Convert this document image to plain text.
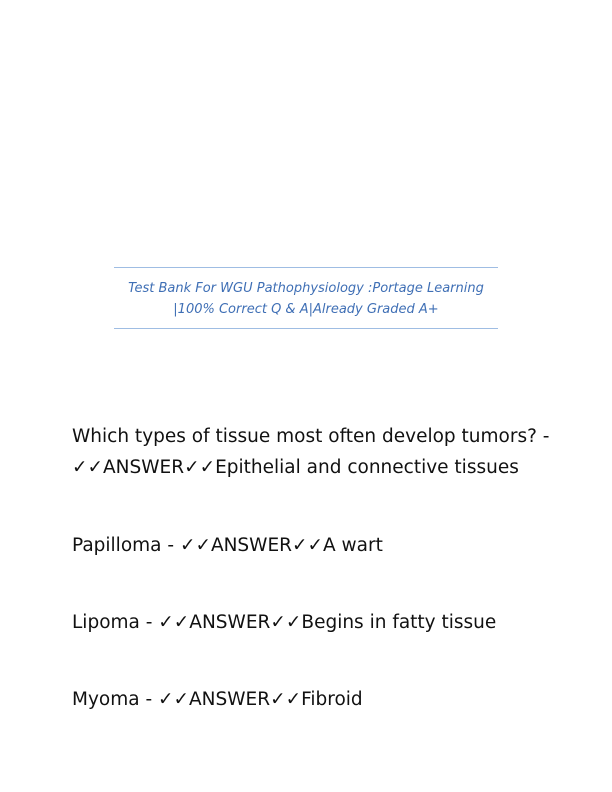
Test Bank For WGU Pathophysiology :Portage Learning
|100% Correct Q & A|Already Graded A+
Which types of tissue most often develop tumors? -
✓✓ANSWER✓✓Epithelial and connective tissues
Papilloma - ✓✓ANSWER✓✓A wart
Lipoma - ✓✓ANSWER✓✓Begins in fatty tissue
Myoma - ✓✓ANSWER✓✓Fibroid
